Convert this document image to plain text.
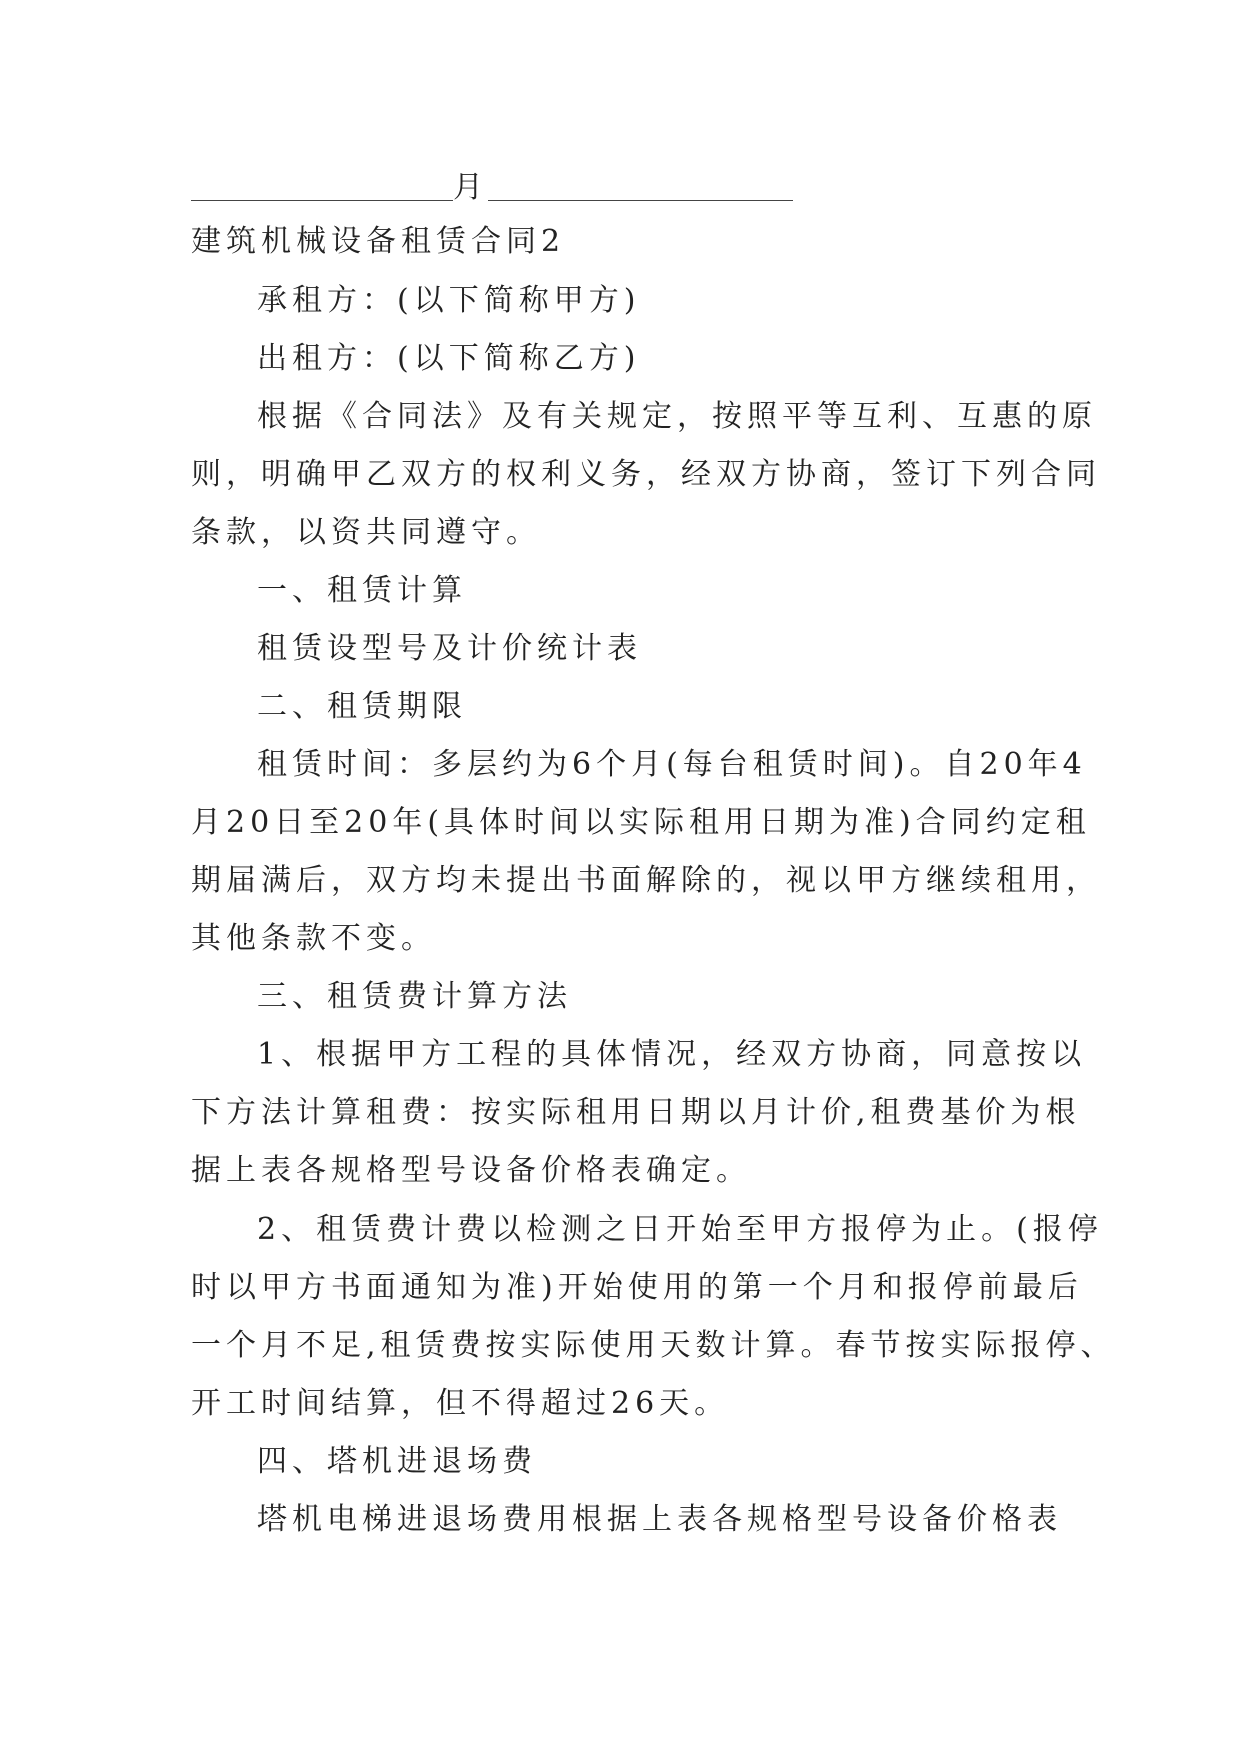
月
建筑机械设备租赁合同2
承租方：(以下简称甲方)
出租方：(以下简称乙方)
根据《合同法》及有关规定，按照平等互利、互惠的原
则，明确甲乙双方的权利义务，经双方协商，签订下列合同
条款，以资共同遵守。
一、租赁计算
租赁设型号及计价统计表
二、租赁期限
租赁时间：多层约为6个月(每台租赁时间)。自20年4
月20日至20年(具体时间以实际租用日期为准)合同约定租
期届满后，双方均未提出书面解除的，视以甲方继续租用，
其他条款不变。
三、租赁费计算方法
1、根据甲方工程的具体情况，经双方协商，同意按以
下方法计算租费：按实际租用日期以月计价,租费基价为根
据上表各规格型号设备价格表确定。
2、租赁费计费以检测之日开始至甲方报停为止。(报停
时以甲方书面通知为准)开始使用的第一个月和报停前最后
一个月不足,租赁费按实际使用天数计算。春节按实际报停、
开工时间结算，但不得超过26天。
四、塔机进退场费
塔机电梯进退场费用根据上表各规格型号设备价格表
